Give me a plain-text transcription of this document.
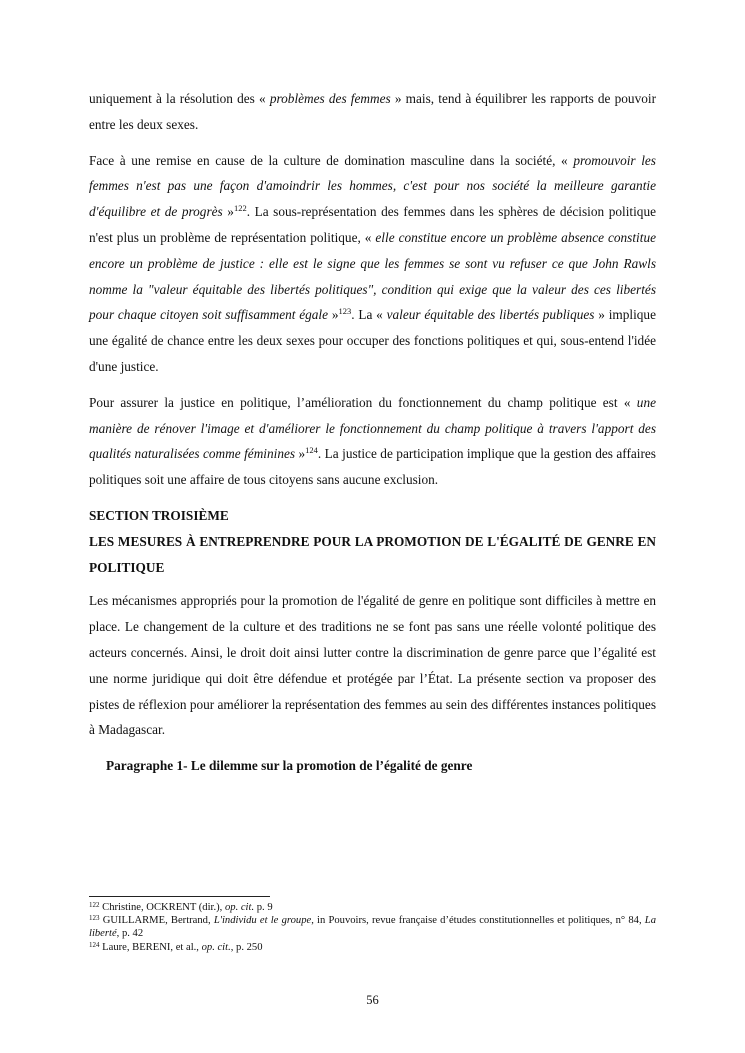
uniquement à la résolution des « problèmes des femmes » mais, tend à équilibrer les rapports de pouvoir entre les deux sexes.

Face à une remise en cause de la culture de domination masculine dans la société, « promouvoir les femmes n'est pas une façon d'amoindrir les hommes, c'est pour nos société la meilleure garantie d'équilibre et de progrès »$^{122}$. La sous-représentation des femmes dans les sphères de décision politique n'est plus un problème de représentation politique, « elle constitue encore un problème absence constitue encore un problème de justice : elle est le signe que les femmes se sont vu refuser ce que John Rawls nomme la "valeur équitable des libertés politiques", condition qui exige que la valeur des ces libertés pour chaque citoyen soit suffisamment égale »$^{123}$. La « valeur équitable des libertés publiques » implique une égalité de chance entre les deux sexes pour occuper des fonctions politiques et qui, sous-entend l'idée d'une justice.

Pour assurer la justice en politique, l’amélioration du fonctionnement du champ politique est « une manière de rénover l'image et d'améliorer le fonctionnement du champ politique à travers l'apport des qualités naturalisées comme féminines »$^{124}$. La justice de participation implique que la gestion des affaires politiques soit une affaire de tous citoyens sans aucune exclusion.

SECTION TROISIÈME
LES MESURES À ENTREPRENDRE POUR LA PROMOTION DE L'ÉGALITÉ DE GENRE EN POLITIQUE

Les mécanismes appropriés pour la promotion de l'égalité de genre en politique sont difficiles à mettre en place. Le changement de la culture et des traditions ne se font pas sans une réelle volonté politique des acteurs concernés. Ainsi, le droit doit ainsi lutter contre la discrimination de genre parce que l’égalité est une norme juridique qui doit être défendue et protégée par l’État. La présente section va proposer des pistes de réflexion pour améliorer la représentation des femmes au sein des différentes instances politiques à Madagascar.

Paragraphe 1- Le dilemme sur la promotion de l’égalité de genre
$^{122}$ Christine, OCKRENT (dir.), op. cit. p. 9
$^{123}$ GUILLARME, Bertrand, L'individu et le groupe, in Pouvoirs, revue française d’études constitutionnelles et politiques, n° 84, La liberté, p. 42
$^{124}$ Laure, BERENI, et al., op. cit., p. 250
56
